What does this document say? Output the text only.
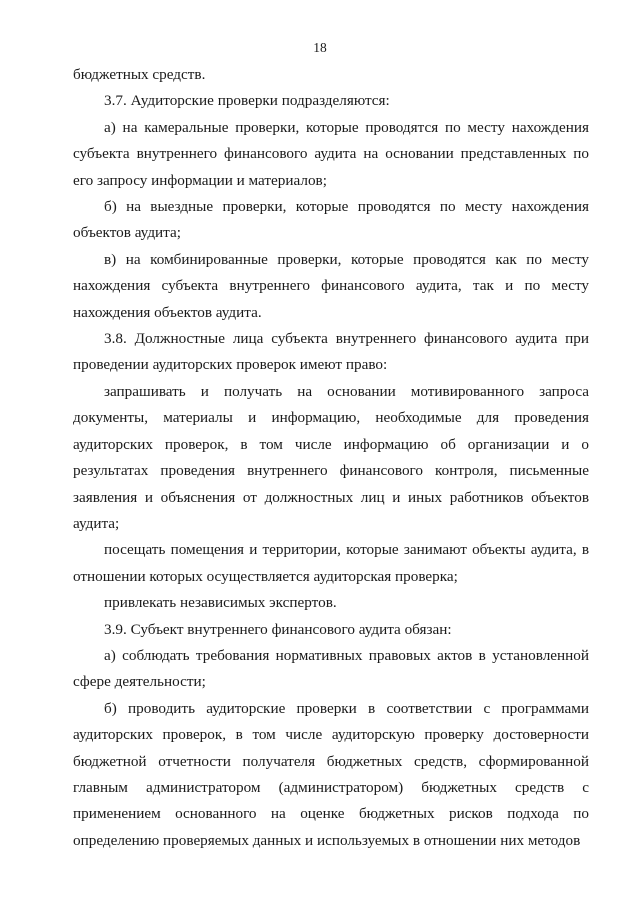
18

бюджетных средств.

3.7. Аудиторские проверки подразделяются:

а) на камеральные проверки, которые проводятся по месту нахождения субъекта внутреннего финансового аудита на основании представленных по его запросу информации и материалов;

б) на выездные проверки, которые проводятся по месту нахождения объектов аудита;

в) на комбинированные проверки, которые проводятся как по месту нахождения субъекта внутреннего финансового аудита, так и по месту нахождения объектов аудита.

3.8. Должностные лица субъекта внутреннего финансового аудита при проведении аудиторских проверок имеют право:

запрашивать и получать на основании мотивированного запроса документы, материалы и информацию, необходимые для проведения аудиторских проверок, в том числе информацию об организации и о результатах проведения внутреннего финансового контроля, письменные заявления и объяснения от должностных лиц и иных работников объектов аудита;

посещать помещения и территории, которые занимают объекты аудита, в отношении которых осуществляется аудиторская проверка;

привлекать независимых экспертов.

3.9. Субъект внутреннего финансового аудита обязан:

а) соблюдать требования нормативных правовых актов в установленной сфере деятельности;

б) проводить аудиторские проверки в соответствии с программами аудиторских проверок, в том числе аудиторскую проверку достоверности бюджетной отчетности получателя бюджетных средств, сформированной главным администратором (администратором) бюджетных средств с применением основанного на оценке бюджетных рисков подхода по определению проверяемых данных и используемых в отношении них методов
